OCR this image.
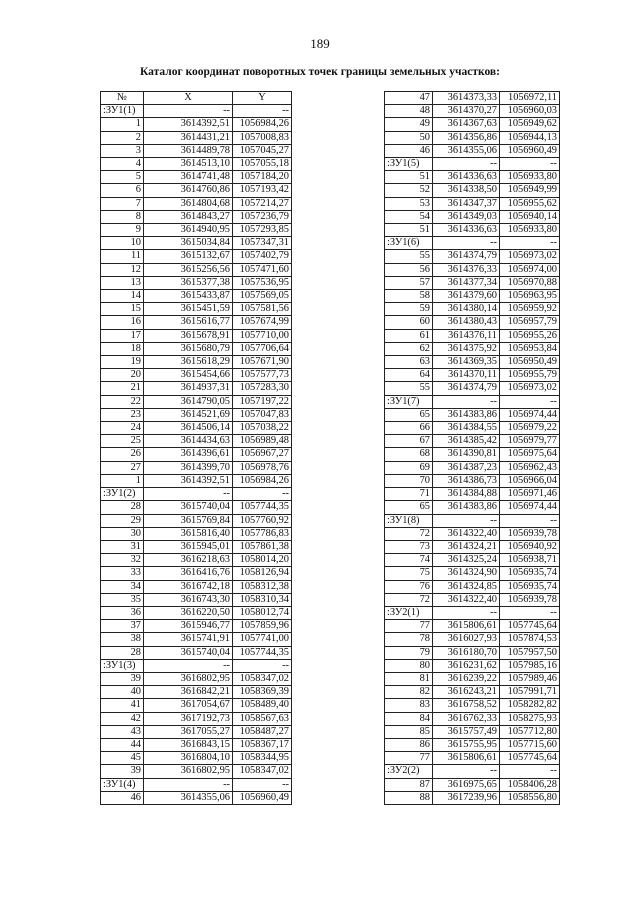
189
Каталог координат поворотных точек границы земельных участков:
№	X	Y
:ЗУ1(1)	--	--
1	3614392,51	1056984,26
2	3614431,21	1057008,83
3	3614489,78	1057045,27
4	3614513,10	1057055,18
5	3614741,48	1057184,20
6	3614760,86	1057193,42
7	3614804,68	1057214,27
8	3614843,27	1057236,79
9	3614940,95	1057293,85
10	3615034,84	1057347,31
11	3615132,67	1057402,79
12	3615256,56	1057471,60
13	3615377,38	1057536,95
14	3615433,87	1057569,05
15	3615451,59	1057581,56
16	3615616,77	1057674,99
17	3615678,91	1057710,00
18	3615680,79	1057706,64
19	3615618,29	1057671,90
20	3615454,66	1057577,73
21	3614937,31	1057283,30
22	3614790,05	1057197,22
23	3614521,69	1057047,83
24	3614506,14	1057038,22
25	3614434,63	1056989,48
26	3614396,61	1056967,27
27	3614399,70	1056978,76
1	3614392,51	1056984,26
:ЗУ1(2)	--	--
28	3615740,04	1057744,35
29	3615769,84	1057760,92
30	3615816,40	1057786,83
31	3615945,01	1057861,38
32	3616218,63	1058014,20
33	3616416,76	1058126,94
34	3616742,18	1058312,38
35	3616743,30	1058310,34
36	3616220,50	1058012,74
37	3615946,77	1057859,96
38	3615741,91	1057741,00
28	3615740,04	1057744,35
:ЗУ1(3)	--	--
39	3616802,95	1058347,02
40	3616842,21	1058369,39
41	3617054,67	1058489,40
42	3617192,73	1058567,63
43	3617055,27	1058487,27
44	3616843,15	1058367,17
45	3616804,10	1058344,95
39	3616802,95	1058347,02
:ЗУ1(4)	--	--
46	3614355,06	1056960,49
47	3614373,33	1056972,11
48	3614370,27	1056960,03
49	3614367,63	1056949,62
50	3614356,86	1056944,13
46	3614355,06	1056960,49
:ЗУ1(5)	--	--
51	3614336,63	1056933,80
52	3614338,50	1056949,99
53	3614347,37	1056955,62
54	3614349,03	1056940,14
51	3614336,63	1056933,80
:ЗУ1(6)	--	--
55	3614374,79	1056973,02
56	3614376,33	1056974,00
57	3614377,34	1056970,88
58	3614379,60	1056963,95
59	3614380,14	1056959,92
60	3614380,43	1056957,79
61	3614376,11	1056955,26
62	3614375,92	1056953,84
63	3614369,35	1056950,49
64	3614370,11	1056955,79
55	3614374,79	1056973,02
:ЗУ1(7)	--	--
65	3614383,86	1056974,44
66	3614384,55	1056979,22
67	3614385,42	1056979,77
68	3614390,81	1056975,64
69	3614387,23	1056962,43
70	3614386,73	1056966,04
71	3614384,88	1056971,46
65	3614383,86	1056974,44
:ЗУ1(8)	--	--
72	3614322,40	1056939,78
73	3614324,21	1056940,92
74	3614325,24	1056938,71
75	3614324,90	1056935,74
76	3614324,85	1056935,74
72	3614322,40	1056939,78
:ЗУ2(1)	--	--
77	3615806,61	1057745,64
78	3616027,93	1057874,53
79	3616180,70	1057957,50
80	3616231,62	1057985,16
81	3616239,22	1057989,46
82	3616243,21	1057991,71
83	3616758,52	1058282,82
84	3616762,33	1058275,93
85	3615757,49	1057712,80
86	3615755,95	1057715,60
77	3615806,61	1057745,64
:ЗУ2(2)	--	--
87	3616975,65	1058406,28
88	3617239,96	1058556,80
